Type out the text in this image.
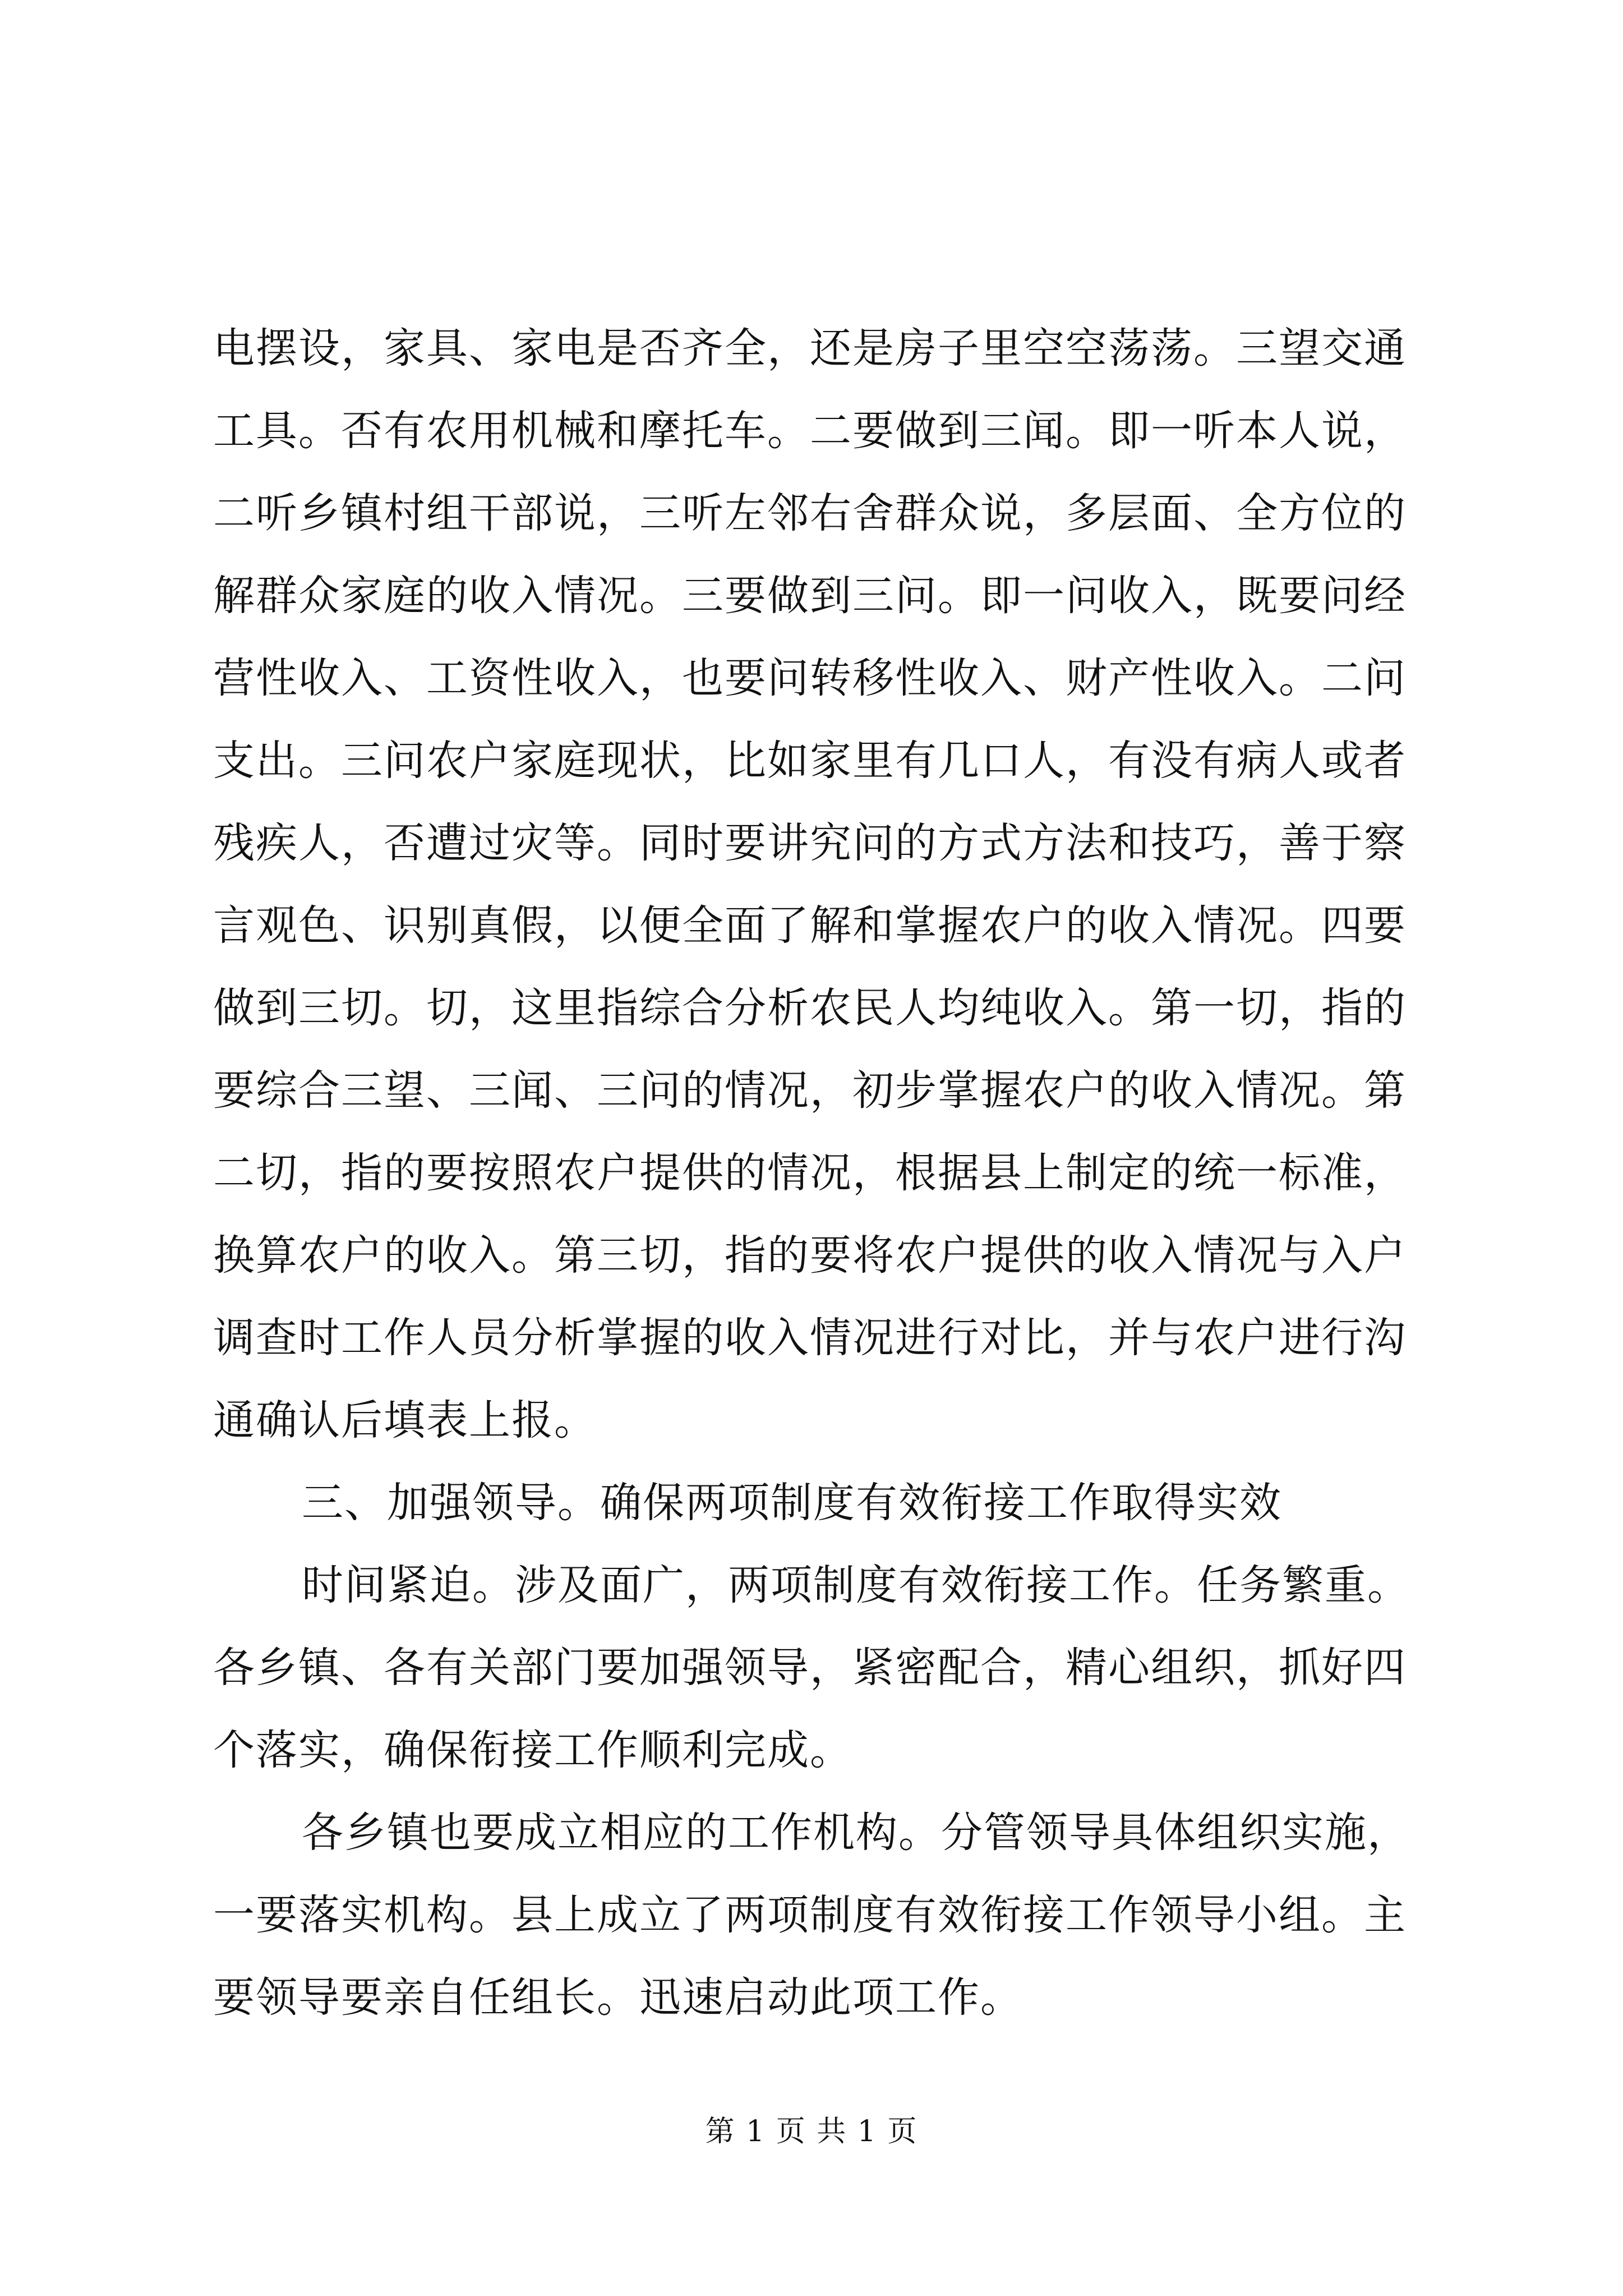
电摆设，家具、家电是否齐全，还是房子里空空荡荡。三望交通
工具。否有农用机械和摩托车。二要做到三闻。即一听本人说，
二听乡镇村组干部说，三听左邻右舍群众说，多层面、全方位的
解群众家庭的收入情况。三要做到三问。即一问收入，既要问经
营性收入、工资性收入，也要问转移性收入、财产性收入。二问
支出。三问农户家庭现状，比如家里有几口人，有没有病人或者
残疾人，否遭过灾等。同时要讲究问的方式方法和技巧，善于察
言观色、识别真假，以便全面了解和掌握农户的收入情况。四要
做到三切。切，这里指综合分析农民人均纯收入。第一切，指的
要综合三望、三闻、三问的情况，初步掌握农户的收入情况。第
二切，指的要按照农户提供的情况，根据县上制定的统一标准，
换算农户的收入。第三切，指的要将农户提供的收入情况与入户
调查时工作人员分析掌握的收入情况进行对比，并与农户进行沟
通确认后填表上报。
三、加强领导。确保两项制度有效衔接工作取得实效
时间紧迫。涉及面广，两项制度有效衔接工作。任务繁重。
各乡镇、各有关部门要加强领导，紧密配合，精心组织，抓好四
个落实，确保衔接工作顺利完成。
各乡镇也要成立相应的工作机构。分管领导具体组织实施，
一要落实机构。县上成立了两项制度有效衔接工作领导小组。主
要领导要亲自任组长。迅速启动此项工作。
第 1 页 共 1 页
